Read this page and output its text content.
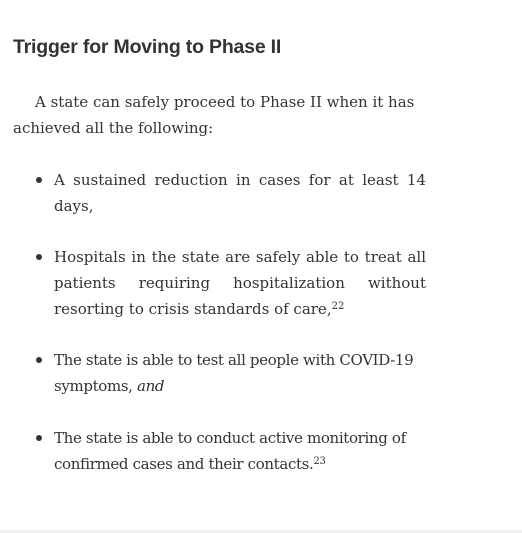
Trigger for Moving to Phase II

A state can safely proceed to Phase II when it has achieved all the following:

A sustained reduction in cases for at least 14 days,
Hospitals in the state are safely able to treat all patients requiring hospitalization without resorting to crisis standards of care,$^{22}$
The state is able to test all people with COVID-19 symptoms, and
The state is able to conduct active monitoring of confirmed cases and their contacts.$^{23}$
